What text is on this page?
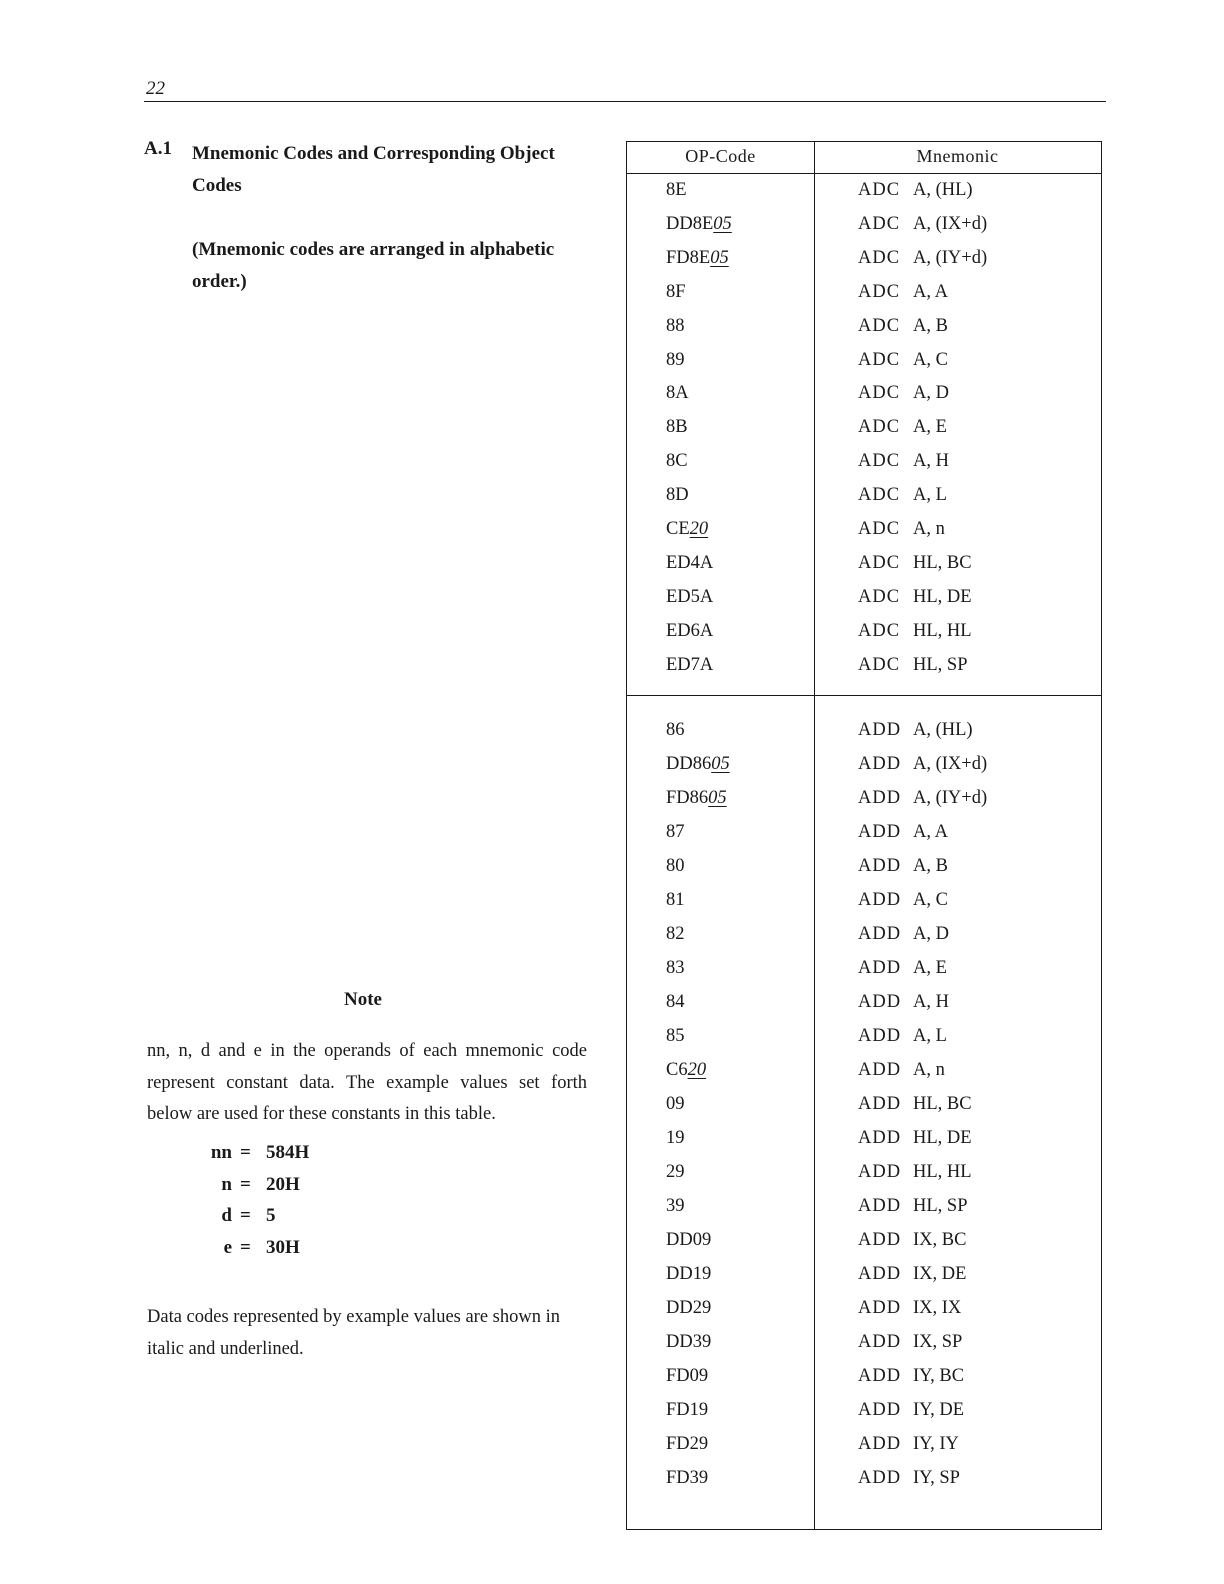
22
A.1 Mnemonic Codes and Corresponding Object Codes
(Mnemonic codes are arranged in alphabetic order.)
Note
nn, n, d and e in the operands of each mnemonic code represent constant data. The example values set forth below are used for these constants in this table.
nn = 584H
n = 20H
d = 5
e = 30H
Data codes represented by example values are shown in italic and underlined.
OP-Code	Mnemonic
8E	ADC A, (HL)
DD8E05	ADC A, (IX+d)
FD8E05	ADC A, (IY+d)
8F	ADC A, A
88	ADC A, B
89	ADC A, C
8A	ADC A, D
8B	ADC A, E
8C	ADC A, H
8D	ADC A, L
CE20	ADC A, n
ED4A	ADC HL, BC
ED5A	ADC HL, DE
ED6A	ADC HL, HL
ED7A	ADC HL, SP
86	ADD A, (HL)
DD8605	ADD A, (IX+d)
FD8605	ADD A, (IY+d)
87	ADD A, A
80	ADD A, B
81	ADD A, C
82	ADD A, D
83	ADD A, E
84	ADD A, H
85	ADD A, L
C620	ADD A, n
09	ADD HL, BC
19	ADD HL, DE
29	ADD HL, HL
39	ADD HL, SP
DD09	ADD IX, BC
DD19	ADD IX, DE
DD29	ADD IX, IX
DD39	ADD IX, SP
FD09	ADD IY, BC
FD19	ADD IY, DE
FD29	ADD IY, IY
FD39	ADD IY, SP
